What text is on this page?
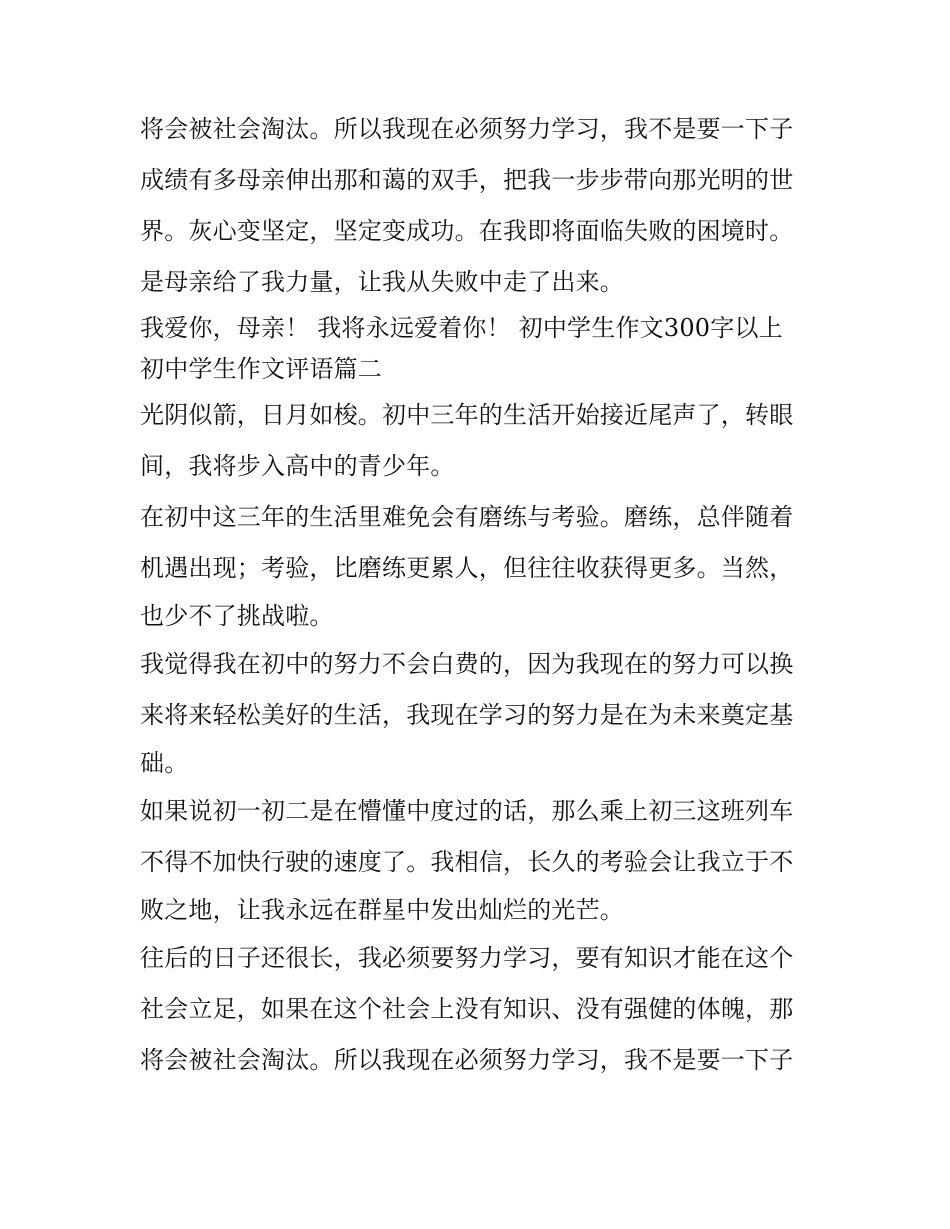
将会被社会淘汰。所以我现在必须努力学习，我不是要一下子
成绩有多母亲伸出那和蔼的双手，把我一步步带向那光明的世
界。灰心变坚定，坚定变成功。在我即将面临失败的困境时。
是母亲给了我力量，让我从失败中走了出来。
我爱你，母亲！ 我将永远爱着你！ 初中学生作文300字以上
初中学生作文评语篇二
光阴似箭，日月如梭。初中三年的生活开始接近尾声了，转眼
间，我将步入高中的青少年。
在初中这三年的生活里难免会有磨练与考验。磨练，总伴随着
机遇出现；考验，比磨练更累人，但往往收获得更多。当然，
也少不了挑战啦。
我觉得我在初中的努力不会白费的，因为我现在的努力可以换
来将来轻松美好的生活，我现在学习的努力是在为未来奠定基
础。
如果说初一初二是在懵懂中度过的话，那么乘上初三这班列车
不得不加快行驶的速度了。我相信，长久的考验会让我立于不
败之地，让我永远在群星中发出灿烂的光芒。
往后的日子还很长，我必须要努力学习，要有知识才能在这个
社会立足，如果在这个社会上没有知识、没有强健的体魄，那
将会被社会淘汰。所以我现在必须努力学习，我不是要一下子
